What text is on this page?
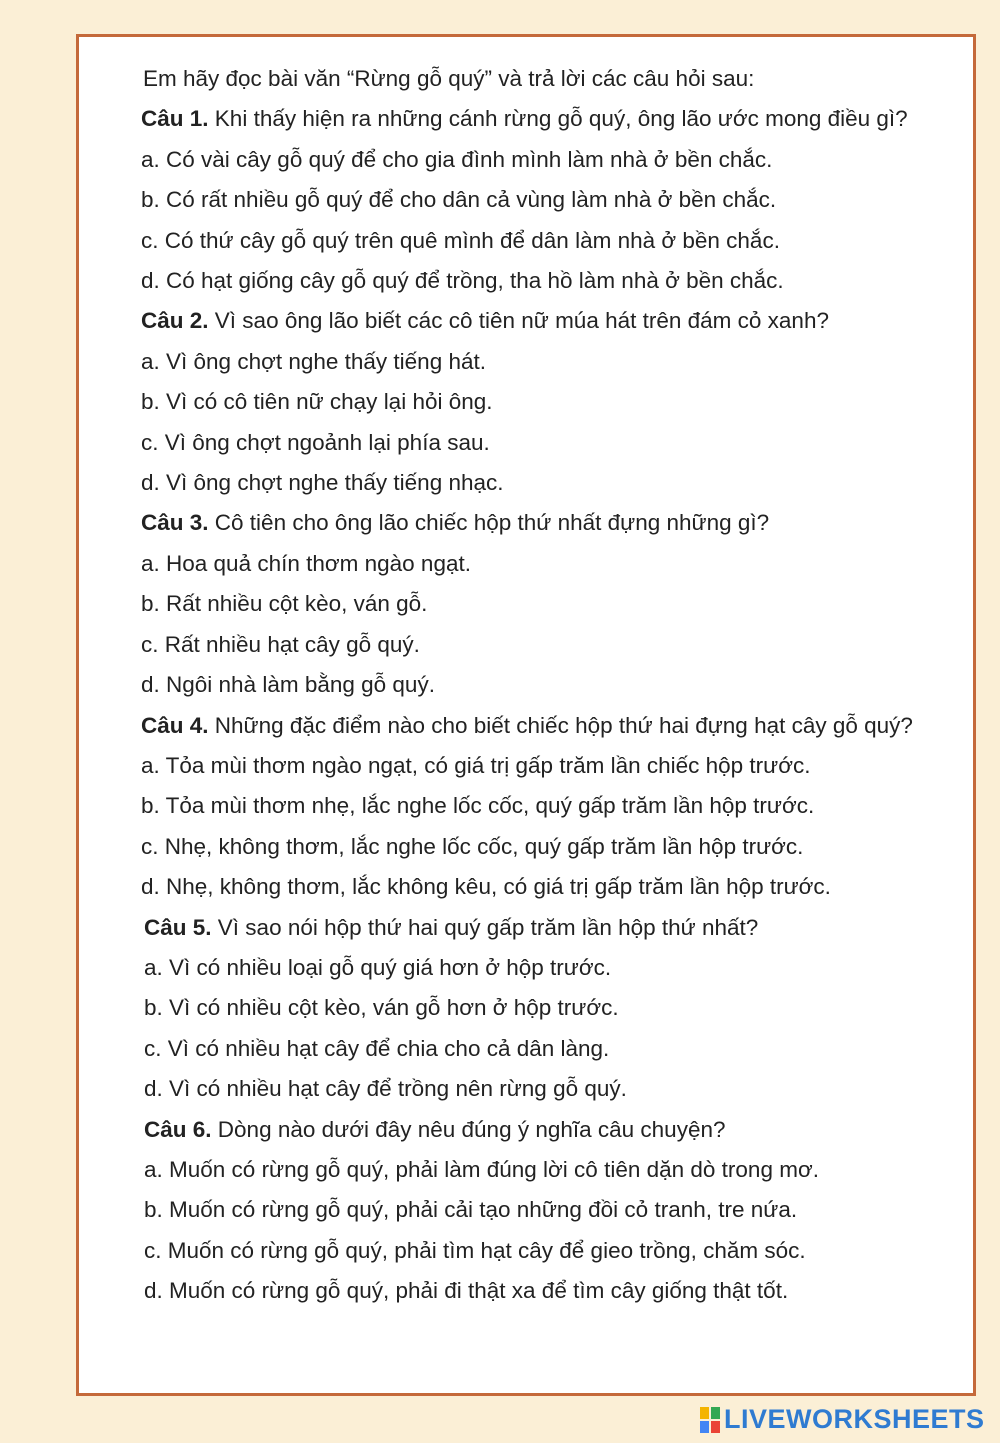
Em hãy đọc bài văn “Rừng gỗ quý” và trả lời các câu hỏi sau:
Câu 1. Khi thấy hiện ra những cánh rừng gỗ quý, ông lão ước mong điều gì?
a. Có vài cây gỗ quý để cho gia đình mình làm nhà ở bền chắc.
b. Có rất nhiều gỗ quý để cho dân cả vùng làm nhà ở bền chắc.
c. Có thứ cây gỗ quý trên quê mình để dân làm nhà ở bền chắc.
d. Có hạt giống cây gỗ quý để trồng, tha hồ làm nhà ở bền chắc.
Câu 2. Vì sao ông lão biết các cô tiên nữ múa hát trên đám cỏ xanh?
a. Vì ông chợt nghe thấy tiếng hát.
b. Vì có cô tiên nữ chạy lại hỏi ông.
c. Vì ông chợt ngoảnh lại phía sau.
d. Vì ông chợt nghe thấy tiếng nhạc.
Câu 3. Cô tiên cho ông lão chiếc hộp thứ nhất đựng những gì?
a. Hoa quả chín thơm ngào ngạt.
b. Rất nhiều cột kèo, ván gỗ.
c. Rất nhiều hạt cây gỗ quý.
d. Ngôi nhà làm bằng gỗ quý.
Câu 4. Những đặc điểm nào cho biết chiếc hộp thứ hai đựng hạt cây gỗ quý?
a. Tỏa mùi thơm ngào ngạt, có giá trị gấp trăm lần chiếc hộp trước.
b. Tỏa mùi thơm nhẹ, lắc nghe lốc cốc, quý gấp trăm lần hộp trước.
c. Nhẹ, không thơm, lắc nghe lốc cốc, quý gấp trăm lần hộp trước.
d. Nhẹ, không thơm, lắc không kêu, có giá trị gấp trăm lần hộp trước.
Câu 5. Vì sao nói hộp thứ hai quý gấp trăm lần hộp thứ nhất?
a. Vì có nhiều loại gỗ quý giá hơn ở hộp trước.
b. Vì có nhiều cột kèo, ván gỗ hơn ở hộp trước.
c. Vì có nhiều hạt cây để chia cho cả dân làng.
d. Vì có nhiều hạt cây để trồng nên rừng gỗ quý.
Câu 6. Dòng nào dưới đây nêu đúng ý nghĩa câu chuyện?
a. Muốn có rừng gỗ quý, phải làm đúng lời cô tiên dặn dò trong mơ.
b. Muốn có rừng gỗ quý, phải cải tạo những đồi cỏ tranh, tre nứa.
c. Muốn có rừng gỗ quý, phải tìm hạt cây để gieo trồng, chăm sóc.
d. Muốn có rừng gỗ quý, phải đi thật xa để tìm cây giống thật tốt.
LIVEWORKSHEETS
